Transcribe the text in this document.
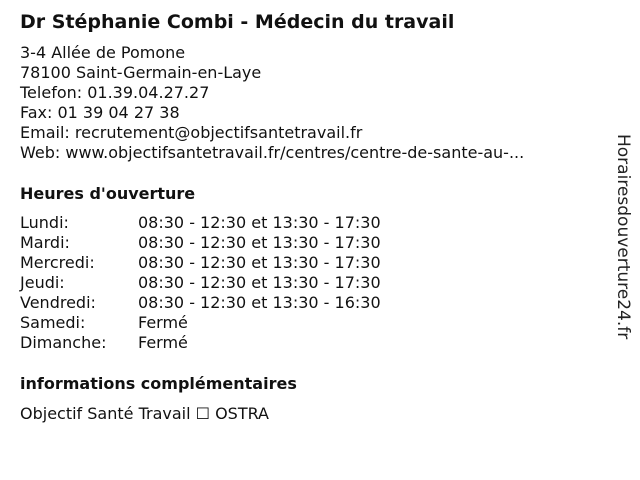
Dr Stéphanie Combi - Médecin du travail
3-4 Allée de Pomone
78100 Saint-Germain-en-Laye
Telefon: 01.39.04.27.27
Fax: 01 39 04 27 38
Email: recrutement@objectifsantetravail.fr
Web: www.objectifsantetravail.fr/centres/centre-de-sante-au-...
Heures d'ouverture
Lundi:	08:30 - 12:30 et 13:30 - 17:30
Mardi:	08:30 - 12:30 et 13:30 - 17:30
Mercredi:	08:30 - 12:30 et 13:30 - 17:30
Jeudi:	08:30 - 12:30 et 13:30 - 17:30
Vendredi:	08:30 - 12:30 et 13:30 - 16:30
Samedi:	Fermé
Dimanche: Fermé
informations complémentaires
Objectif Santé Travail ☐ OSTRA
Horairesdouverture24.fr
